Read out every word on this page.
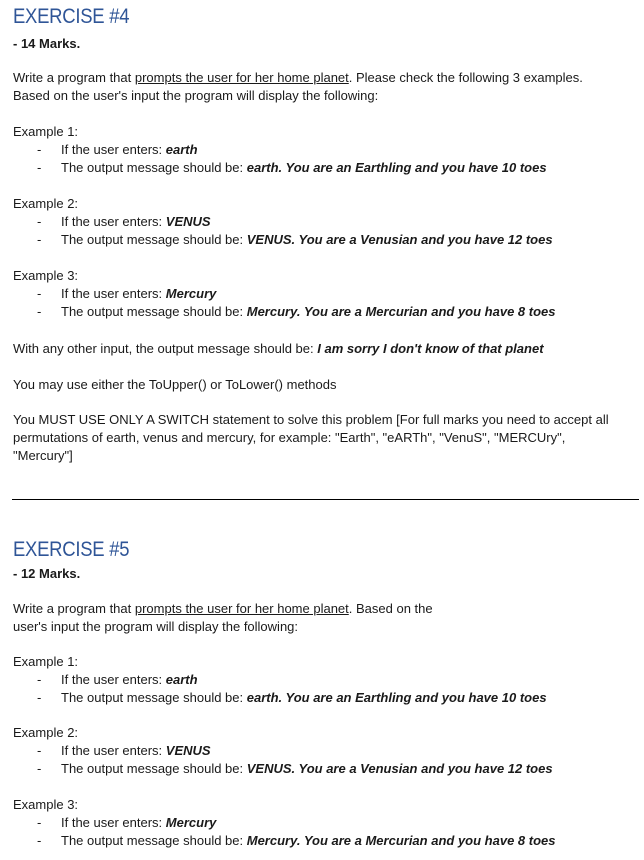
EXERCISE #4
- 14 Marks.
Write a program that prompts the user for her home planet. Please check the following 3 examples.
Based on the user's input the program will display the following:
Example 1:
- If the user enters: earth
- The output message should be: earth. You are an Earthling and you have 10 toes
Example 2:
- If the user enters: VENUS
- The output message should be: VENUS. You are a Venusian and you have 12 toes
Example 3:
- If the user enters: Mercury
- The output message should be: Mercury. You are a Mercurian and you have 8 toes
With any other input, the output message should be: I am sorry I don't know of that planet
You may use either the ToUpper() or ToLower() methods
You MUST USE ONLY A SWITCH statement to solve this problem [For full marks you need to accept all
permutations of earth, venus and mercury, for example: "Earth", "eARTh", "VenuS", "MERCUry",
"Mercury"]
EXERCISE #5
- 12 Marks.
Write a program that prompts the user for her home planet. Based on the
user's input the program will display the following:
Example 1:
- If the user enters: earth
- The output message should be: earth. You are an Earthling and you have 10 toes
Example 2:
- If the user enters: VENUS
- The output message should be: VENUS. You are a Venusian and you have 12 toes
Example 3:
- If the user enters: Mercury
- The output message should be: Mercury. You are a Mercurian and you have 8 toes
